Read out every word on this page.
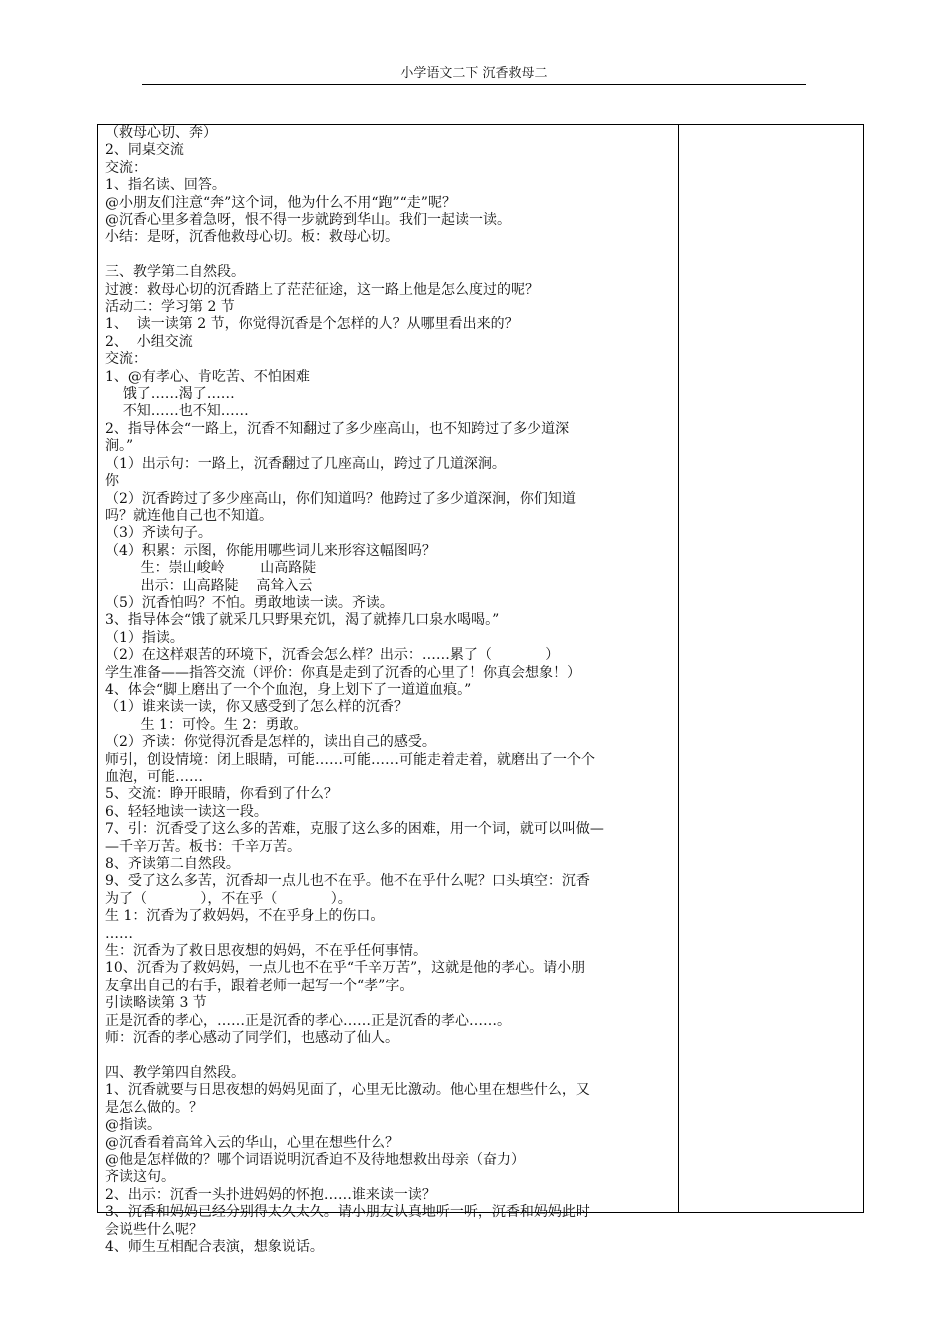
小学语文二下 沉香救母二
（救母心切、奔）
2、同桌交流
交流：
1、指名读、回答。
@小朋友们注意“奔”这个词，他为什么不用“跑”“走”呢？
@沉香心里多着急呀，恨不得一步就跨到华山。我们一起读一读。
小结：是呀，沉香他救母心切。板：救母心切。
三、教学第二自然段。
过渡：救母心切的沉香踏上了茫茫征途，这一路上他是怎么度过的呢？
活动二：学习第 2 节
1、  读一读第 2 节，你觉得沉香是个怎样的人？从哪里看出来的？
2、  小组交流
交流：
1、@有孝心、肯吃苦、不怕困难
饿了……渴了……
不知……也不知……
2、指导体会“一路上，沉香不知翻过了多少座高山，也不知跨过了多少道深
涧。”
（1）出示句：一路上，沉香翻过了几座高山，跨过了几道深涧。
你
（2）沉香跨过了多少座高山，你们知道吗？他跨过了多少道深涧，你们知道
吗？就连他自己也不知道。
（3）齐读句子。
（4）积累：示图，你能用哪些词儿来形容这幅图吗？
生：崇山峻岭        山高路陡
出示：山高路陡    高耸入云
（5）沉香怕吗？不怕。勇敢地读一读。齐读。
3、指导体会“饿了就采几只野果充饥，渴了就捧几口泉水喝喝。”
（1）指读。
（2）在这样艰苦的环境下，沉香会怎么样？出示：……累了（            ）
学生准备——指答交流（评价：你真是走到了沉香的心里了！你真会想象！）
4、体会“脚上磨出了一个个血泡，身上划下了一道道血痕。”
（1）谁来读一读，你又感受到了怎么样的沉香？
生 1：可怜。生 2：勇敢。
（2）齐读：你觉得沉香是怎样的，读出自己的感受。
师引，创设情境：闭上眼睛，可能……可能……可能走着走着，就磨出了一个个
血泡，可能……
5、交流：睁开眼睛，你看到了什么？
6、轻轻地读一读这一段。
7、引：沉香受了这么多的苦难，克服了这么多的困难，用一个词，就可以叫做—
—千辛万苦。板书：千辛万苦。
8、齐读第二自然段。
9、受了这么多苦，沉香却一点儿也不在乎。他不在乎什么呢？口头填空：沉香
为了（            ），不在乎（            ）。
生 1：沉香为了救妈妈，不在乎身上的伤口。
……
生：沉香为了救日思夜想的妈妈，不在乎任何事情。
10、沉香为了救妈妈，一点儿也不在乎“千辛万苦”，这就是他的孝心。请小朋
友拿出自己的右手，跟着老师一起写一个“孝”字。
引读略读第 3 节
正是沉香的孝心，……正是沉香的孝心……正是沉香的孝心……。
师：沉香的孝心感动了同学们，也感动了仙人。
四、教学第四自然段。
1、沉香就要与日思夜想的妈妈见面了，心里无比激动。他心里在想些什么，又
是怎么做的。？
@指读。
@沉香看着高耸入云的华山，心里在想些什么？
@他是怎样做的？哪个词语说明沉香迫不及待地想救出母亲（奋力）
齐读这句。
2、出示：沉香一头扑进妈妈的怀抱……谁来读一读？
3、沉香和妈妈已经分别得太久太久。请小朋友认真地听一听，沉香和妈妈此时
会说些什么呢？
4、师生互相配合表演，想象说话。
